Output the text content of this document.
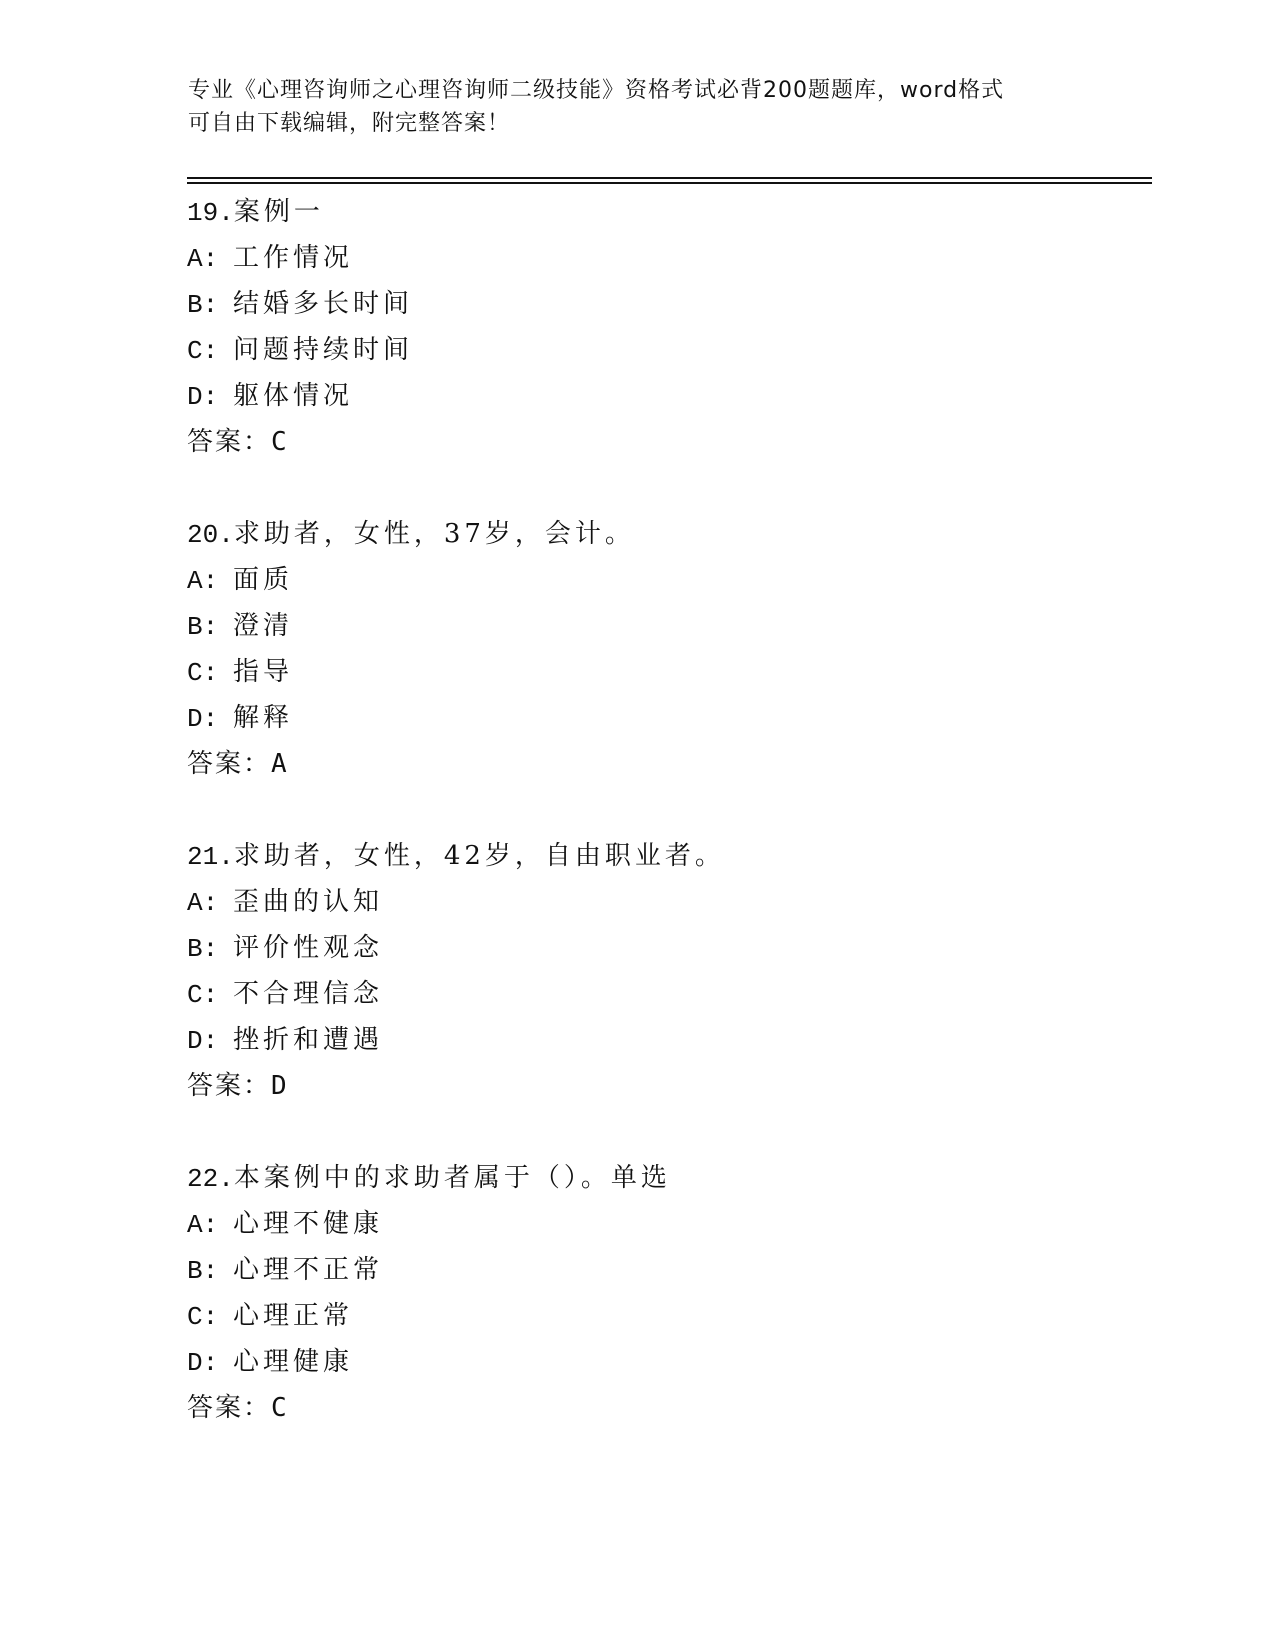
专业《心理咨询师之心理咨询师二级技能》资格考试必背200题题库，word格式
可自由下载编辑，附完整答案！
19.案例一
A: 工作情况
B: 结婚多长时间
C: 问题持续时间
D: 躯体情况
答案：C
20.求助者，女性，37岁，会计。
A: 面质
B: 澄清
C: 指导
D: 解释
答案：A
21.求助者，女性，42岁，自由职业者。
A: 歪曲的认知
B: 评价性观念
C: 不合理信念
D: 挫折和遭遇
答案：D
22.本案例中的求助者属于（）。单选
A: 心理不健康
B: 心理不正常
C: 心理正常
D: 心理健康
答案：C
